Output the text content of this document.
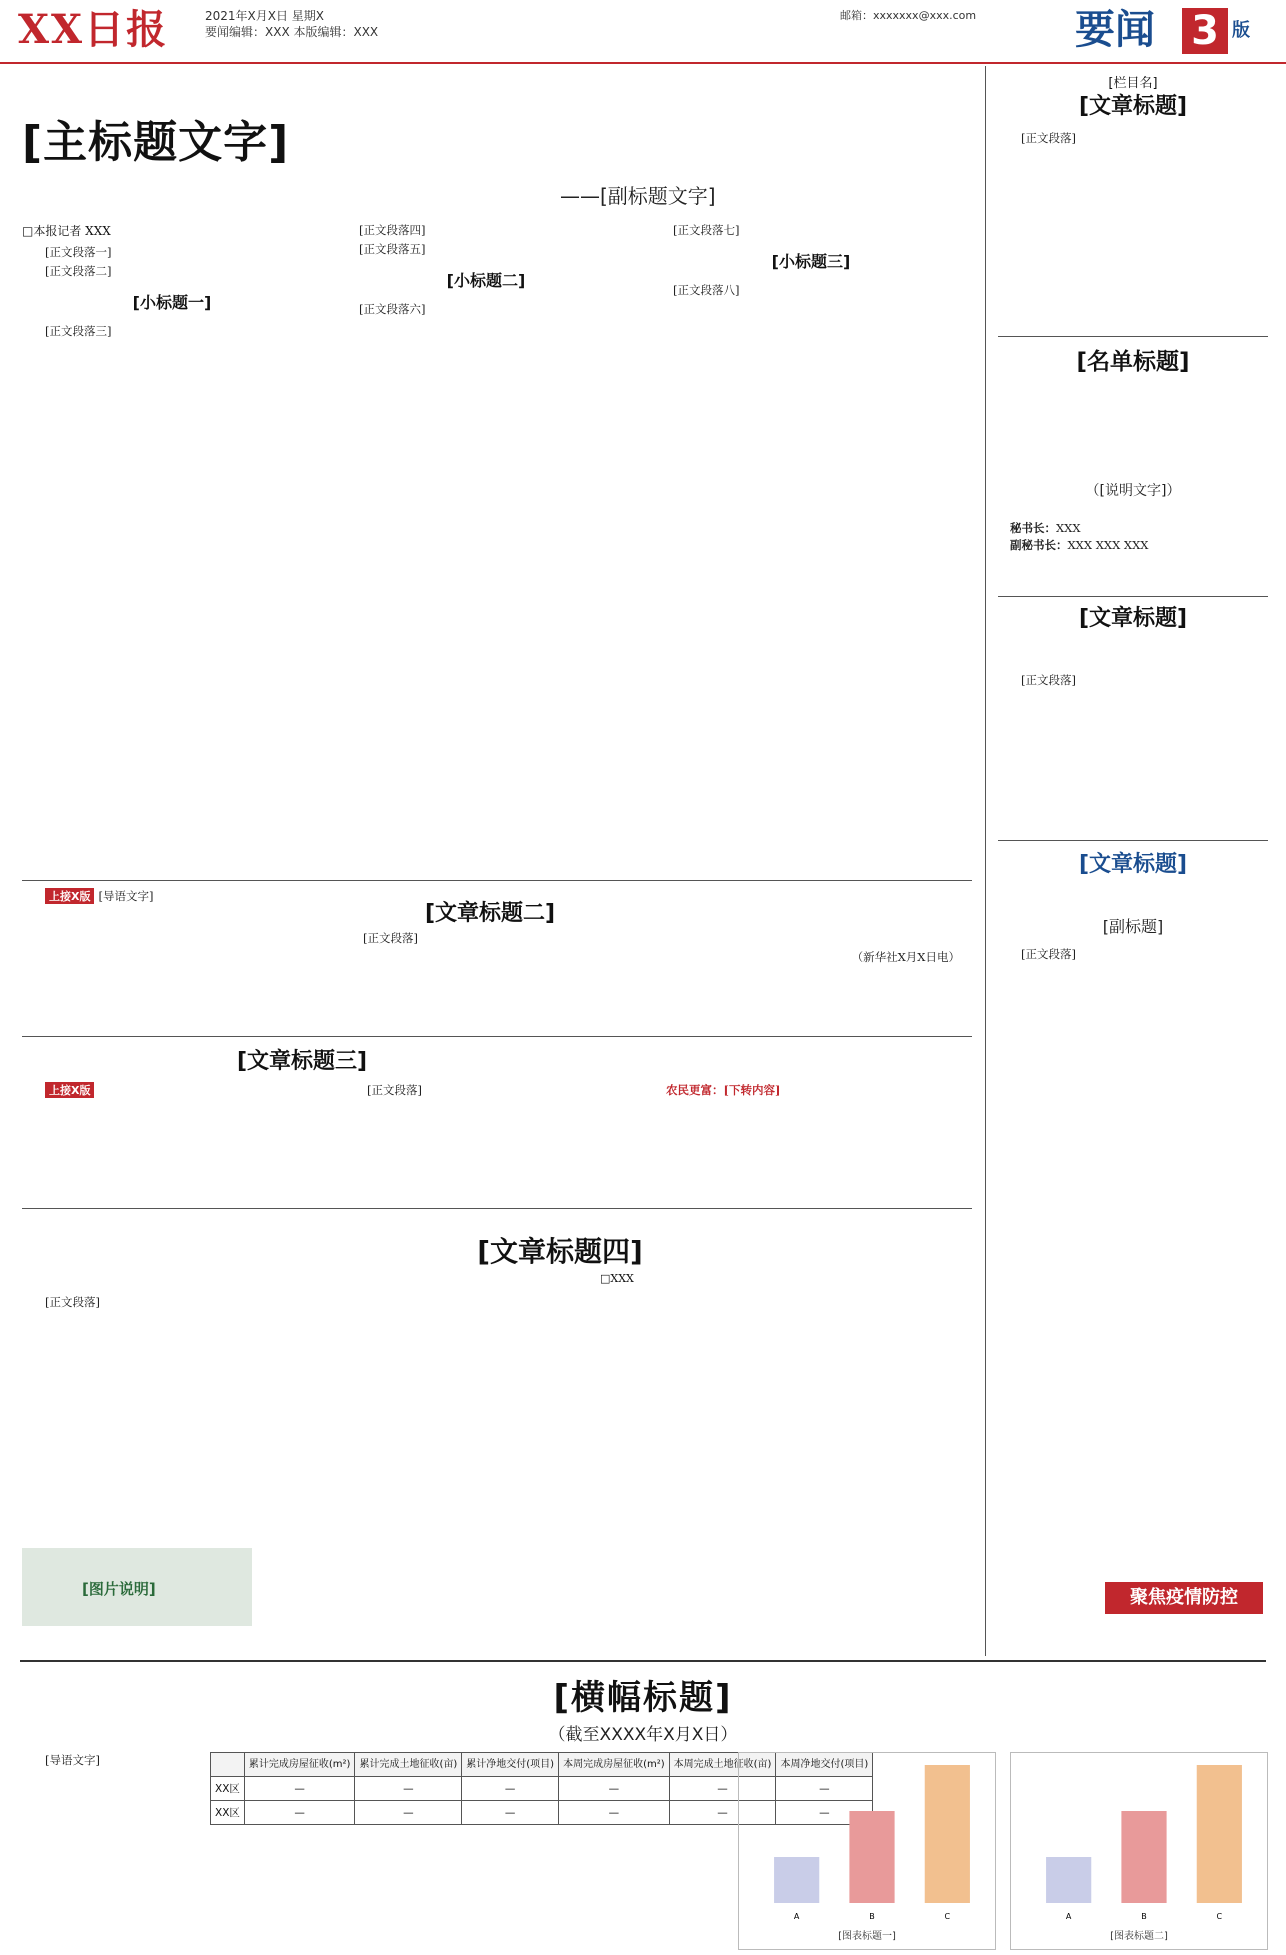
XX日报	2021年X月X日 星期X
要闻编辑：XXX 本版编辑：XXX
邮箱：xxxxxxx@xxx.com 要闻 3 版
[主标题文字]
——[副标题文字]
□本报记者 XXX

[正文段落一]

[正文段落二]

[小标题一]

[正文段落三]

[正文段落四]

[正文段落五]

[小标题二]

[正文段落六]

[正文段落七]

[小标题三]

[正文段落八]

上接X版 [导语文字]

[文章标题二]

[正文段落]

（新华社X月X日电）
[文章标题三]

上接X版	[正文段落]	农民更富：[下转内容]

[文章标题四]
□XXX

[正文段落]

[图片说明]
[栏目名]
[文章标题]

[正文段落]

[名单标题]
（[说明文字]）
秘书长：XXX
副秘书长：XXX XXX XXX
[文章标题]

[正文段落]

[文章标题]
[副标题]

[正文段落]

聚焦疫情防控
[横幅标题]
（截至XXXX年X月X日）

[导语文字]

		累计完成房屋征收(m²)	累计完成土地征收(亩)	累计净地交付(项目)	本周完成房屋征收(m²)	本周完成土地征收(亩)	本周净地交付(项目)
XX区	—	—	—	—	—	—
XX区	—	—	—	—	—	—
A	B	C
[图表标题一]
A	B	C
[图表标题二]
